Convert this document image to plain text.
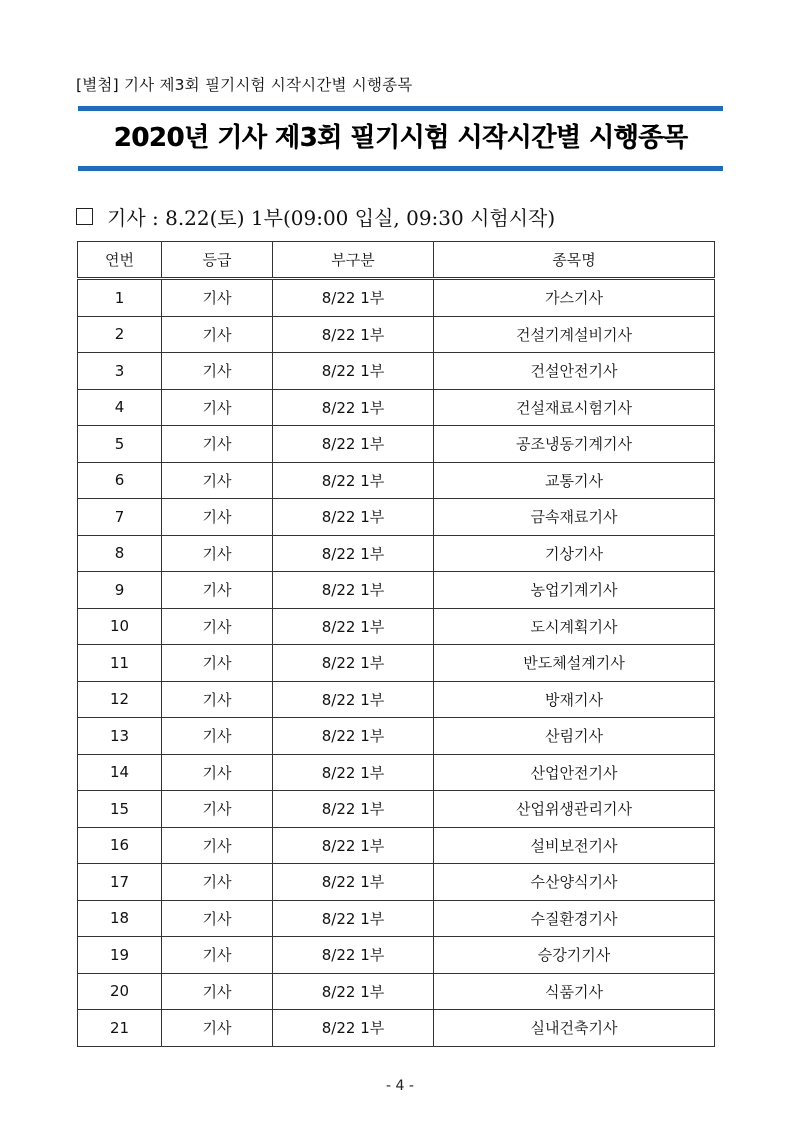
[별첨] 기사 제3회 필기시험 시작시간별 시행종목
2020년 기사 제3회 필기시험 시작시간별 시행종목
기사 : 8.22(토) 1부(09:00 입실, 09:30 시험시작)
연번	등급	부구분	종목명
1	기사	8/22 1부	가스기사
2	기사	8/22 1부	건설기계설비기사
3	기사	8/22 1부	건설안전기사
4	기사	8/22 1부	건설재료시험기사
5	기사	8/22 1부	공조냉동기계기사
6	기사	8/22 1부	교통기사
7	기사	8/22 1부	금속재료기사
8	기사	8/22 1부	기상기사
9	기사	8/22 1부	농업기계기사
10	기사	8/22 1부	도시계획기사
11	기사	8/22 1부	반도체설계기사
12	기사	8/22 1부	방재기사
13	기사	8/22 1부	산림기사
14	기사	8/22 1부	산업안전기사
15	기사	8/22 1부	산업위생관리기사
16	기사	8/22 1부	설비보전기사
17	기사	8/22 1부	수산양식기사
18	기사	8/22 1부	수질환경기사
19	기사	8/22 1부	승강기기사
20	기사	8/22 1부	식품기사
21	기사	8/22 1부	실내건축기사
- 4 -
